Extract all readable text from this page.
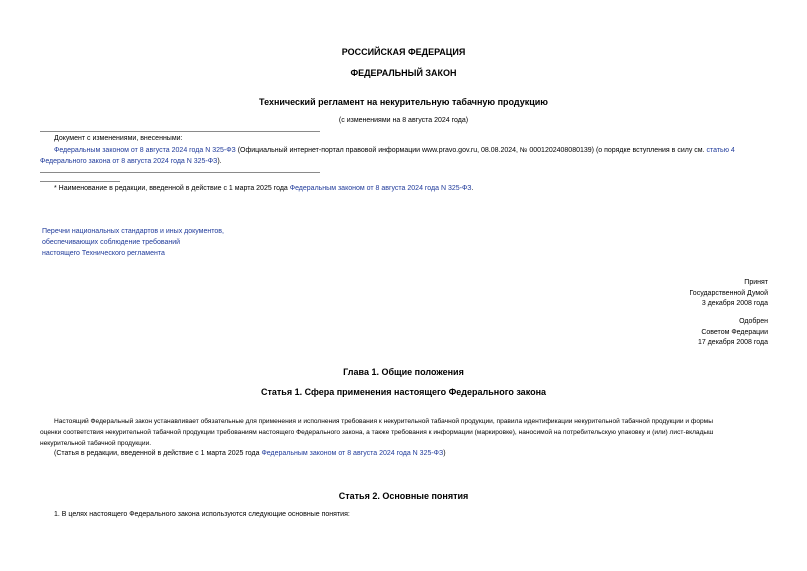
РОССИЙСКАЯ ФЕДЕРАЦИЯ
ФЕДЕРАЛЬНЫЙ ЗАКОН
Технический регламент на некурительную табачную продукцию
(с изменениями на 8 августа 2024 года)
Документ с изменениями, внесенными:
Федеральным законом от 8 августа 2024 года N 325-ФЗ (Официальный интернет-портал правовой информации www.pravo.gov.ru, 08.08.2024, № 0001202408080139) (о порядке вступления в силу см. статью 4 Федерального закона от 8 августа 2024 года N 325-ФЗ).
* Наименование в редакции, введенной в действие с 1 марта 2025 года Федеральным законом от 8 августа 2024 года N 325-ФЗ.
Перечни национальных стандартов и иных документов,
обеспечивающих соблюдение требований
настоящего Технического регламента
Принят
Государственной Думой
3 декабря 2008 года
Одобрен
Советом Федерации
17 декабря 2008 года
Глава 1. Общие положения
Статья 1. Сфера применения настоящего Федерального закона
Настоящий Федеральный закон устанавливает обязательные для применения и исполнения требования к некурительной табачной продукции, правила идентификации некурительной табачной продукции и формы
оценки соответствия некурительной табачной продукции требованиям настоящего Федерального закона, а также требования к информации (маркировке), наносимой на потребительскую упаковку и (или) лист-вкладыш
некурительной табачной продукции.
(Статья в редакции, введенной в действие с 1 марта 2025 года Федеральным законом от 8 августа 2024 года N 325-ФЗ)
Статья 2. Основные понятия
1. В целях настоящего Федерального закона используются следующие основные понятия:
